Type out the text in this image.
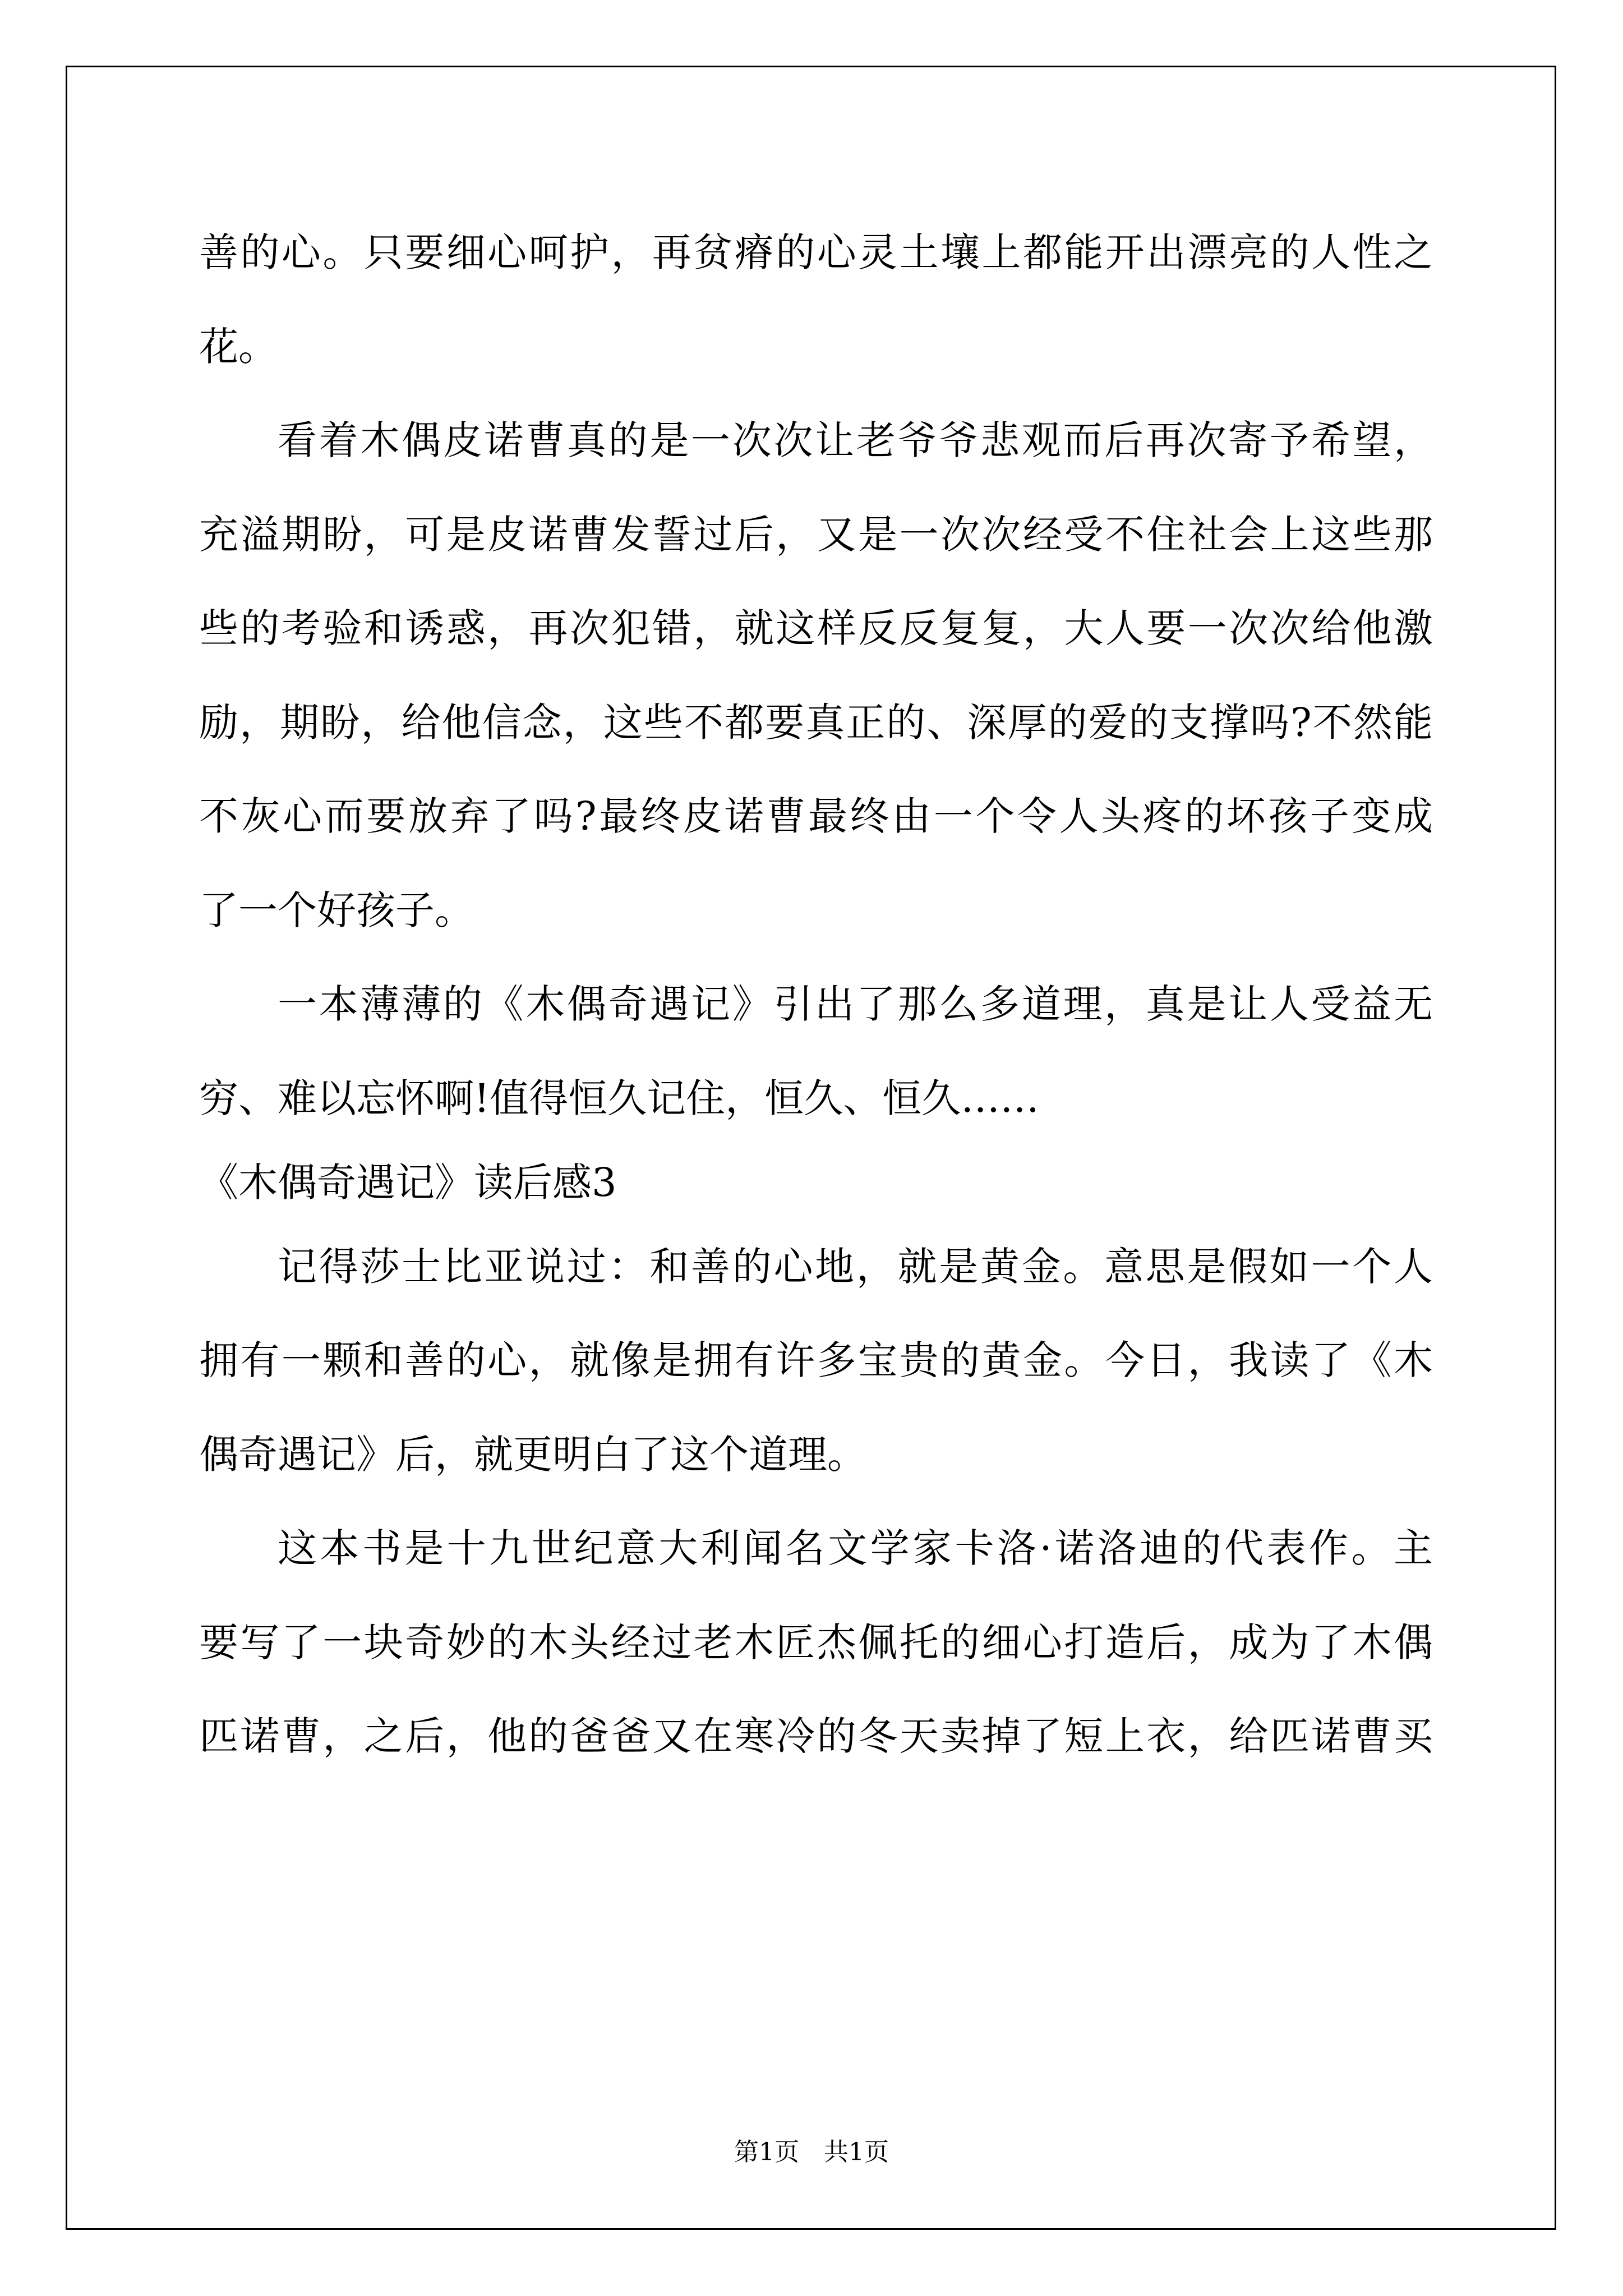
善的心。只要细心呵护，再贫瘠的心灵土壤上都能开出漂亮的人性之
花。
看着木偶皮诺曹真的是一次次让老爷爷悲观而后再次寄予希望，
充溢期盼，可是皮诺曹发誓过后，又是一次次经受不住社会上这些那
些的考验和诱惑，再次犯错，就这样反反复复，大人要一次次给他激
励，期盼，给他信念，这些不都要真正的、深厚的爱的支撑吗?不然能
不灰心而要放弃了吗?最终皮诺曹最终由一个令人头疼的坏孩子变成
了一个好孩子。
一本薄薄的《木偶奇遇记》引出了那么多道理，真是让人受益无
穷、难以忘怀啊!值得恒久记住，恒久、恒久……
《木偶奇遇记》读后感3
记得莎士比亚说过：和善的心地，就是黄金。意思是假如一个人
拥有一颗和善的心，就像是拥有许多宝贵的黄金。今日，我读了《木
偶奇遇记》后，就更明白了这个道理。
这本书是十九世纪意大利闻名文学家卡洛·诺洛迪的代表作。主
要写了一块奇妙的木头经过老木匠杰佩托的细心打造后，成为了木偶
匹诺曹，之后，他的爸爸又在寒冷的冬天卖掉了短上衣，给匹诺曹买
第1页　共1页
